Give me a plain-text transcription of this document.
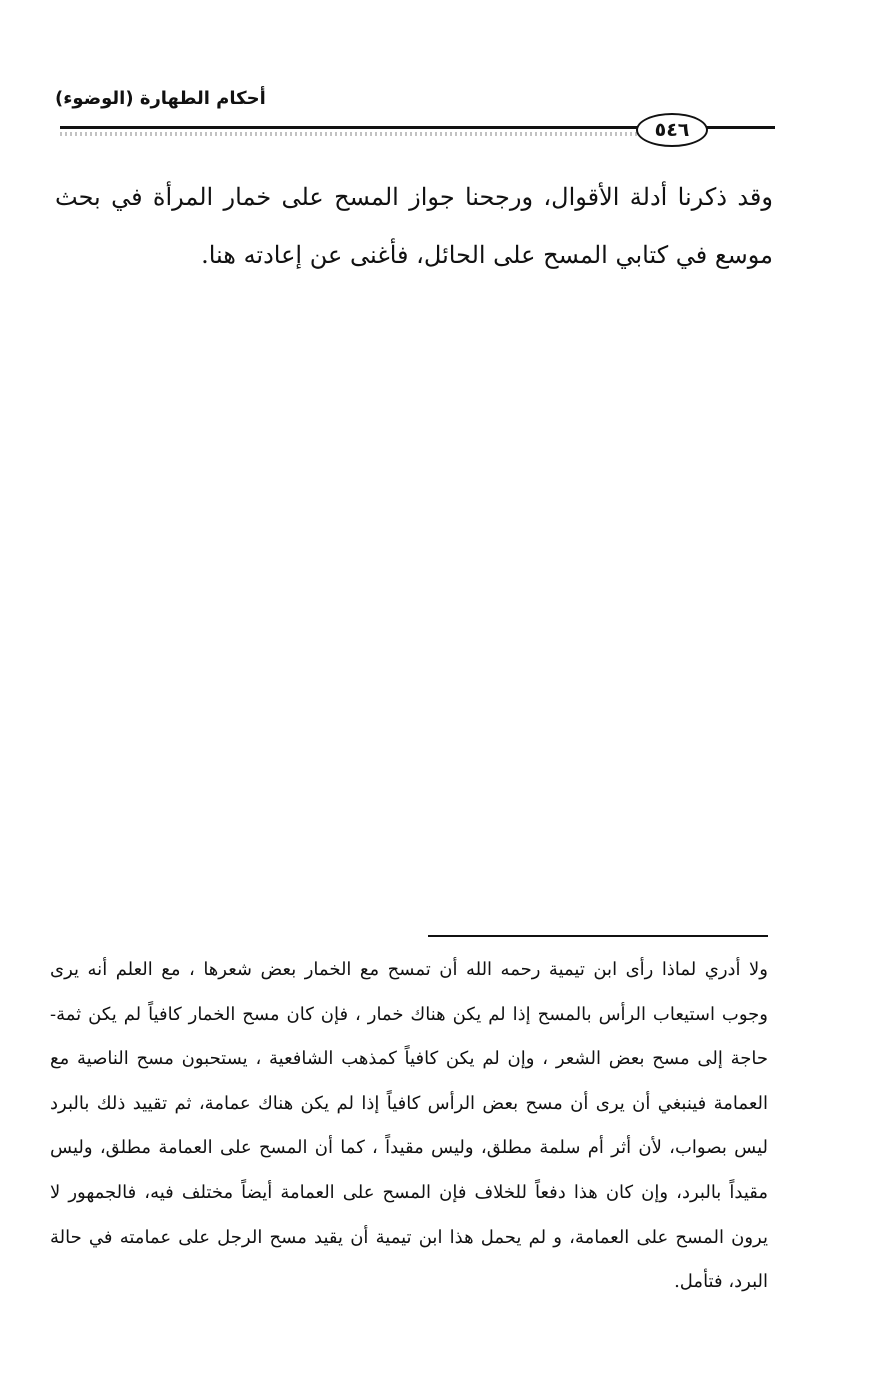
أحكام الطهارة (الوضوء)
٥٤٦

وقد ذكرنا أدلة الأقوال، ورجحنا جواز المسح على خمار المرأة في بحث موسع في كتابي المسح على الحائل، فأغنى عن إعادته هنا.

ولا أدري لماذا رأى ابن تيمية رحمه الله أن تمسح مع الخمار بعض شعرها ، مع العلم أنه يرى وجوب استيعاب الرأس بالمسح إذا لم يكن هناك خمار ، فإن كان مسح الخمار كافياً لم يكن ثمة-حاجة إلى مسح بعض الشعر ، وإن لم يكن كافياً كمذهب الشافعية ، يستحبون مسح الناصية مع العمامة فينبغي أن يرى أن مسح بعض الرأس كافياً إذا لم يكن هناك عمامة، ثم تقييد ذلك بالبرد ليس بصواب، لأن أثر أم سلمة مطلق، وليس مقيداً ، كما أن المسح على العمامة مطلق، وليس مقيداً بالبرد، وإن كان هذا دفعاً للخلاف فإن المسح على العمامة أيضاً مختلف فيه، فالجمهور لا يرون المسح على العمامة، و لم يحمل هذا ابن تيمية أن يقيد مسح الرجل على عمامته في حالة البرد، فتأمل.
